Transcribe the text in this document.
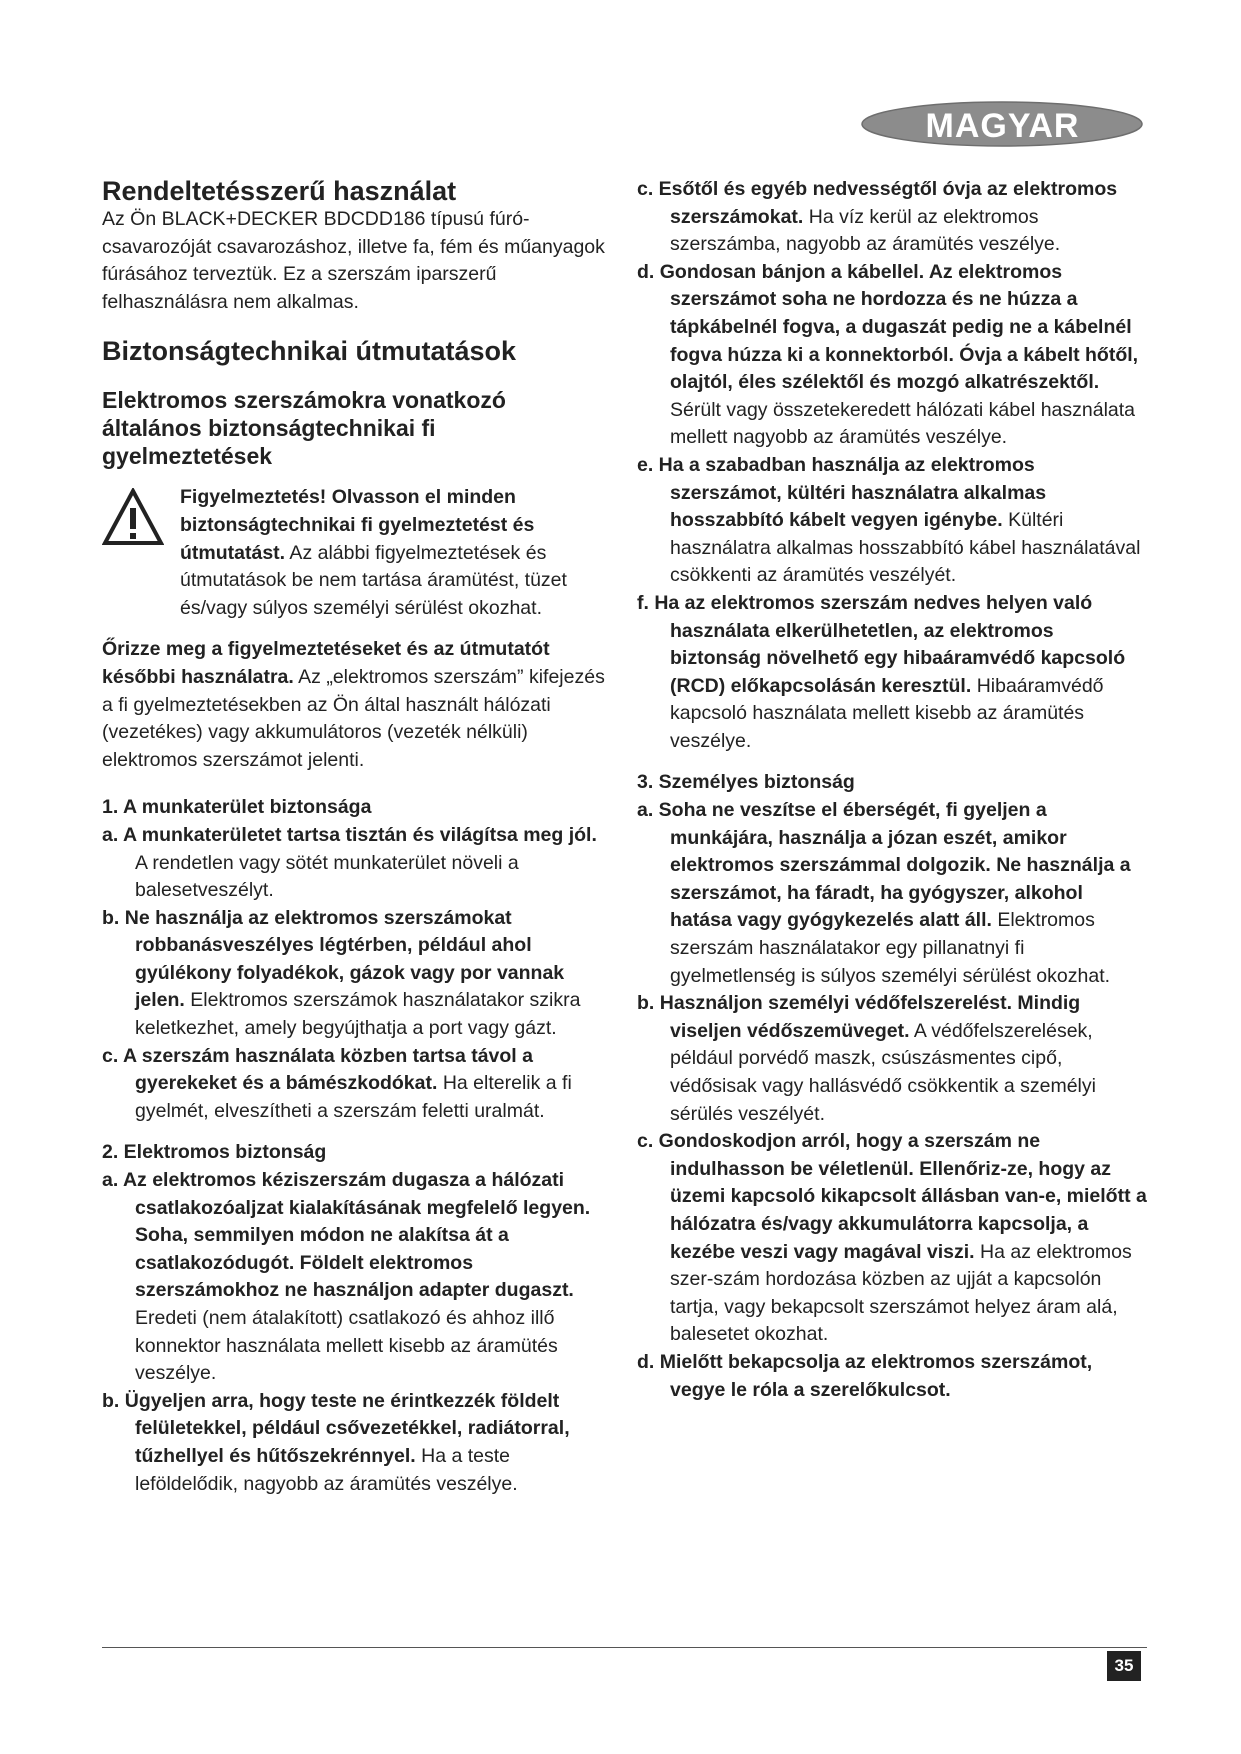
MAGYAR
Rendeltetésszerű használat

Az Ön BLACK+DECKER BDCDD186 típusú fúró-csavarozóját csavarozáshoz, illetve fa, fém és műanyagok fúrásához terveztük. Ez a szerszám iparszerű felhasználásra nem alkalmas.

Biztonságtechnikai útmutatások
Elektromos szerszámokra vonatkozó általános biztonságtechnikai fi gyelmeztetések

Figyelmeztetés! Olvasson el minden biztonságtechnikai fi gyelmeztetést és útmutatást. Az alábbi figyelmeztetések és útmutatások be nem tartása áramütést, tüzet és/vagy súlyos személyi sérülést okozhat.

Őrizze meg a figyelmeztetéseket és az útmutatót későbbi használatra. Az „elektromos szerszám” kifejezés a fi gyelmeztetésekben az Ön által használt hálózati (vezetékes) vagy akkumulátoros (vezeték nélküli) elektromos szerszámot jelenti.

1. A munkaterület biztonsága

a. A munkaterületet tartsa tisztán és világítsa meg jól. A rendetlen vagy sötét munkaterület növeli a balesetveszélyt.

b. Ne használja az elektromos szerszámokat robbanásveszélyes légtérben, például ahol gyúlékony folyadékok, gázok vagy por vannak jelen. Elektromos szerszámok használatakor szikra keletkezhet, amely begyújthatja a port vagy gázt.

c. A szerszám használata közben tartsa távol a gyerekeket és a bámészkodókat. Ha elterelik a fi gyelmét, elveszítheti a szerszám feletti uralmát.

2. Elektromos biztonság

a. Az elektromos kéziszerszám dugasza a hálózati csatlakozóaljzat kialakításának megfelelő legyen. Soha, semmilyen módon ne alakítsa át a csatlakozódugót. Földelt elektromos szerszámokhoz ne használjon adapter dugaszt. Eredeti (nem átalakított) csatlakozó és ahhoz illő konnektor használata mellett kisebb az áramütés veszélye.

b. Ügyeljen arra, hogy teste ne érintkezzék földelt felületekkel, például csővezetékkel, radiátorral, tűzhellyel és hűtőszekrénnyel. Ha a teste leföldelődik, nagyobb az áramütés veszélye.

c. Esőtől és egyéb nedvességtől óvja az elektromos szerszámokat. Ha víz kerül az elektromos szerszámba, nagyobb az áramütés veszélye.

d. Gondosan bánjon a kábellel. Az elektromos szerszámot soha ne hordozza és ne húzza a tápkábelnél fogva, a dugaszát pedig ne a kábelnél fogva húzza ki a konnektorból. Óvja a kábelt hőtől, olajtól, éles szélektől és mozgó alkatrészektől. Sérült vagy összetekeredett hálózati kábel használata mellett nagyobb az áramütés veszélye.

e. Ha a szabadban használja az elektromos szerszámot, kültéri használatra alkalmas hosszabbító kábelt vegyen igénybe. Kültéri használatra alkalmas hosszabbító kábel használatával csökkenti az áramütés veszélyét.

f. Ha az elektromos szerszám nedves helyen való használata elkerülhetetlen, az elektromos biztonság növelhető egy hibaáramvédő kapcsoló (RCD) előkapcsolásán keresztül. Hibaáramvédő kapcsoló használata mellett kisebb az áramütés veszélye.

3. Személyes biztonság

a. Soha ne veszítse el éberségét, fi gyeljen a munkájára, használja a józan eszét, amikor elektromos szerszámmal dolgozik. Ne használja a szerszámot, ha fáradt, ha gyógyszer, alkohol hatása vagy gyógykezelés alatt áll. Elektromos szerszám használatakor egy pillanatnyi fi gyelmetlenség is súlyos személyi sérülést okozhat.

b. Használjon személyi védőfelszerelést. Mindig viseljen védőszemüveget. A védőfelszerelések, például porvédő maszk, csúszásmentes cipő, védősisak vagy hallásvédő csökkentik a személyi sérülés veszélyét.

c. Gondoskodjon arról, hogy a szerszám ne indulhasson be véletlenül. Ellenőriz-ze, hogy az üzemi kapcsoló kikapcsolt állásban van-e, mielőtt a hálózatra és/vagy akkumulátorra kapcsolja, a kezébe veszi vagy magával viszi. Ha az elektromos szer-szám hordozása közben az ujját a kapcsolón tartja, vagy bekapcsolt szerszámot helyez áram alá, balesetet okozhat.

d. Mielőtt bekapcsolja az elektromos szerszámot, vegye le róla a szerelőkulcsot.

35
